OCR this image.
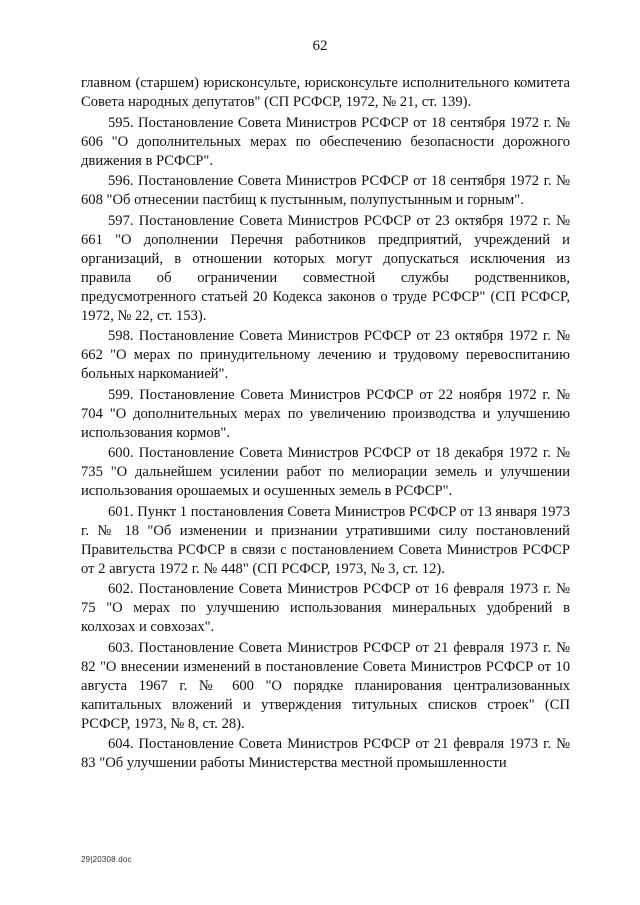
62

главном (старшем) юрисконсульте, юрисконсульте исполнительного комитета Совета народных депутатов" (СП РСФСР, 1972, № 21, ст. 139).

595. Постановление Совета Министров РСФСР от 18 сентября 1972 г. № 606 "О дополнительных мерах по обеспечению безопасности дорожного движения в РСФСР".

596. Постановление Совета Министров РСФСР от 18 сентября 1972 г. № 608 "Об отнесении пастбищ к пустынным, полупустынным и горным".

597. Постановление Совета Министров РСФСР от 23 октября 1972 г. № 661 "О дополнении Перечня работников предприятий, учреждений и организаций, в отношении которых могут допускаться исключения из правила об ограничении совместной службы родственников, предусмотренного статьей 20 Кодекса законов о труде РСФСР" (СП РСФСР, 1972, № 22, ст. 153).

598. Постановление Совета Министров РСФСР от 23 октября 1972 г. № 662 "О мерах по принудительному лечению и трудовому перевоспитанию больных наркоманией".

599. Постановление Совета Министров РСФСР от 22 ноября 1972 г. № 704 "О дополнительных мерах по увеличению производства и улучшению использования кормов".

600. Постановление Совета Министров РСФСР от 18 декабря 1972 г. № 735 "О дальнейшем усилении работ по мелиорации земель и улучшении использования орошаемых и осушенных земель в РСФСР".

601. Пункт 1 постановления Совета Министров РСФСР от 13 января 1973 г. № 18 "Об изменении и признании утратившими силу постановлений Правительства РСФСР в связи с постановлением Совета Министров РСФСР от 2 августа 1972 г. № 448" (СП РСФСР, 1973, № 3, ст. 12).

602. Постановление Совета Министров РСФСР от 16 февраля 1973 г. № 75 "О мерах по улучшению использования минеральных удобрений в колхозах и совхозах".

603. Постановление Совета Министров РСФСР от 21 февраля 1973 г. № 82 "О внесении изменений в постановление Совета Министров РСФСР от 10 августа 1967 г. № 600 "О порядке планирования централизованных капитальных вложений и утверждения титульных списков строек" (СП РСФСР, 1973, № 8, ст. 28).

604. Постановление Совета Министров РСФСР от 21 февраля 1973 г. № 83 "Об улучшении работы Министерства местной промышленности

29|20308.doc
